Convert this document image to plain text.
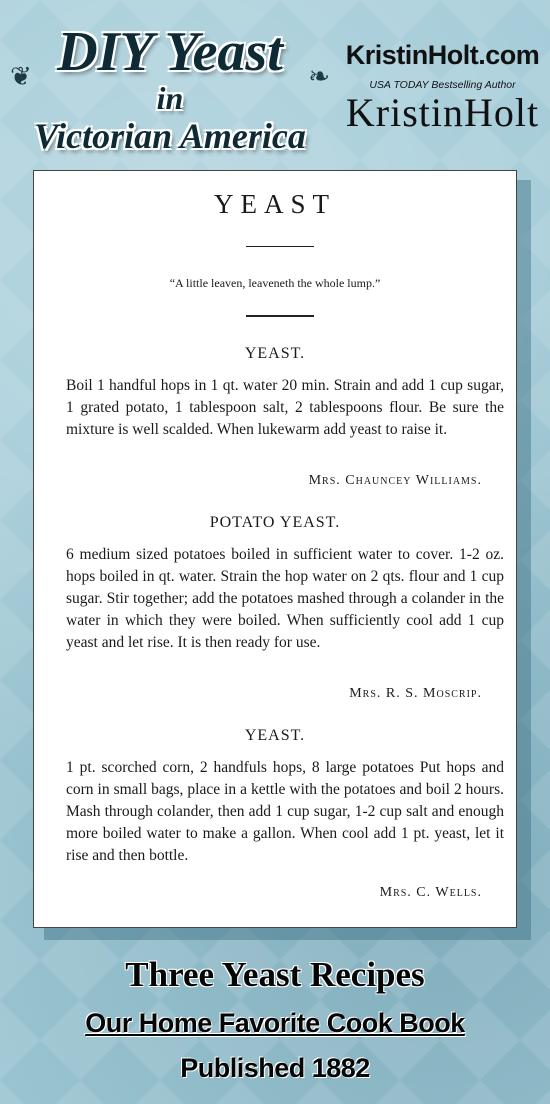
❦	❧
DIY Yeast
in
Victorian America
KristinHolt.com
USA TODAY Bestselling Author
KristinHolt
YEAST
“A little leaven, leaveneth the whole lump.”
YEAST.
Boil 1 handful hops in 1 qt. water 20 min. Strain and add 1 cup sugar, 1 grated potato, 1 tablespoon salt, 2 tablespoons flour. Be sure the mixture is well scalded. When lukewarm add yeast to raise it.
Mrs. Chauncey Williams.
POTATO YEAST.
6 medium sized potatoes boiled in sufficient water to cover. 1-2 oz. hops boiled in qt. water. Strain the hop water on 2 qts. flour and 1 cup sugar. Stir together; add the potatoes mashed through a colander in the water in which they were boiled. When sufficiently cool add 1 cup yeast and let rise. It is then ready for use.
Mrs. R. S. Moscrip.
YEAST.
1 pt. scorched corn, 2 handfuls hops, 8 large potatoes Put hops and corn in small bags, place in a kettle with the potatoes and boil 2 hours. Mash through colander, then add 1 cup sugar, 1-2 cup salt and enough more boiled water to make a gallon. When cool add 1 pt. yeast, let it rise and then bottle.
Mrs. C. Wells.
Three Yeast Recipes
Our Home Favorite Cook Book
Published 1882
